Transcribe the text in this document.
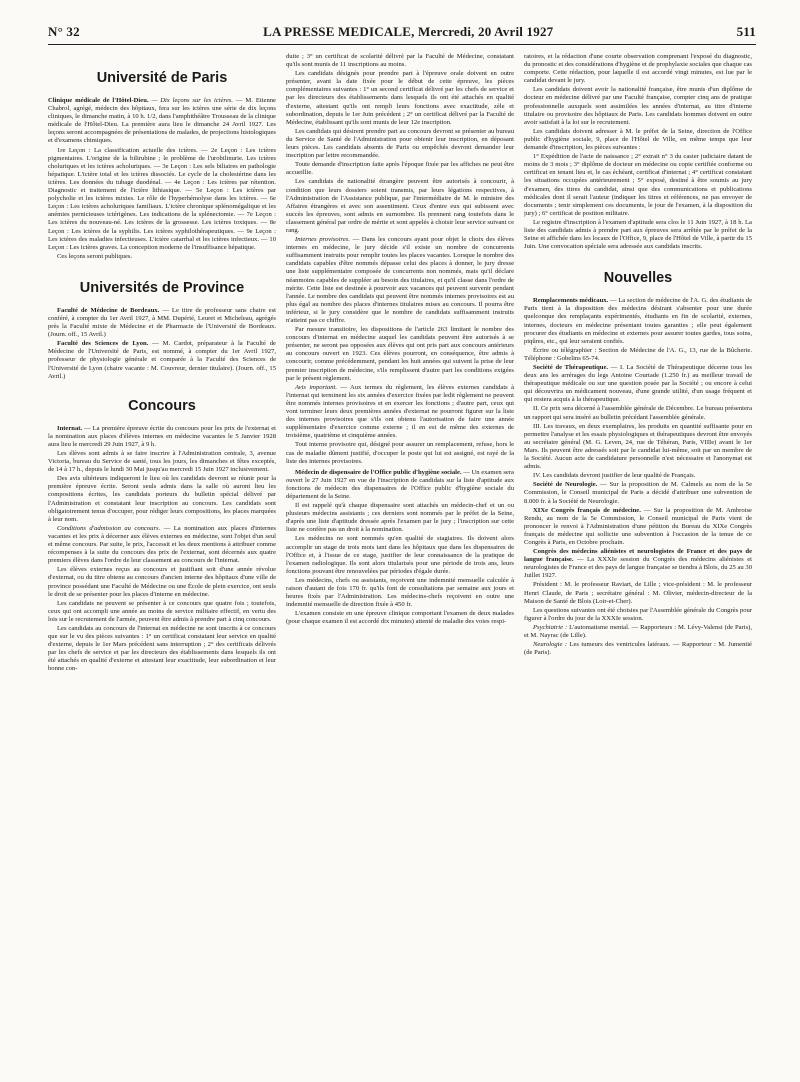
N° 32	LA PRESSE MEDICALE, Mercredi, 20 Avril 1927	511
Université de Paris

Clinique médicale de l'Hôtel-Dieu. — Dix leçons sur les ictères. — M. Etienne Chabrol, agrégé, médecin des hôpitaux, fera sur les ictères une série de dix leçons cliniques, le dimanche matin, à 10 h. 1/2, dans l'amphithéâtre Trousseau de la clinique médicale de l'Hôtel-Dieu. La première aura lieu le dimanche 24 Avril 1927. Les leçons seront accompagnées de présentations de malades, de projections histologiques et d'examens chimiques.

1re Leçon : La classification actuelle des ictères. — 2e Leçon : Les ictères pigmentaires. L'origine de la bilirubine ; le problème de l'urobilinurie. Les ictères choluriques et les ictères acholuriques. — 3e Leçon : Les sels biliaires en pathologie hépatique. L'ictère total et les ictères dissociés. Le cycle de la cholestérine dans les ictères. Les données du tubage duodénal. — 4e Leçon : Les ictères par rétention. Diagnostic et traitement de l'ictère lithiasique. — 5e Leçon : Les ictères par polycholie et les ictères mixtes. Le rôle de l'hyperhémolyse dans les ictères. — 6e Leçon : Les ictères acholuriques familiaux. L'ictère chronique splénomégalique et les anémies pernicieuses ictérigènes. Les indications de la splénectomie. — 7e Leçon : Les ictères du nouveau-né. Les ictères de la grossesse. Les ictères toxiques. — 8e Leçon : Les ictères de la syphilis. Les ictères syphilothérapeutiques. — 9e Leçon : Les ictères des maladies infectieuses. L'ictère catarrhal et les ictères infectieux. — 10 Leçon : Les ictères graves. La conception moderne de l'insuffisance hépatique.

Ces leçons seront publiques.

Universités de Province

Faculté de Médecine de Bordeaux. — Le titre de professeur sans chaire est conféré, à compter du 1er Avril 1927, à MM. Dupérié, Leuret et Micheleau, agrégés près la Faculté mixte de Médecine et de Pharmacie de l'Université de Bordeaux. (Journ. off., 15 Avril.)

Faculté des Sciences de Lyon. — M. Cardot, préparateur à la Faculté de Médecine de l'Université de Paris, est nommé, à compter du 1er Avril 1927, professeur de physiologie générale et comparée à la Faculté des Sciences de l'Université de Lyon (chaire vacante : M. Couvreur, dernier titulaire). (Journ. off., 15 Avril.)

Concours

Internat. — La première épreuve écrite du concours pour les prix de l'externat et la nomination aux places d'élèves internes en médecine vacantes le 5 Janvier 1928 aura lieu le mercredi 29 Juin 1927, à 9 h.

Les élèves sont admis à se faire inscrire à l'Administration centrale, 3, avenue Victoria, bureau du Service de santé, tous les jours, les dimanches et fêtes exceptés, de 14 à 17 h., depuis le lundi 30 Mai jusqu'au mercredi 15 Juin 1927 inclusivement.

Des avis ultérieurs indiqueront le lieu où les candidats devront se réunir pour la première épreuve écrite. Seront seuls admis dans la salle où auront lieu les compositions écrites, les candidats porteurs du bulletin spécial délivré par l'Administration et constatant leur inscription au concours. Les candidats sont obligatoirement tenus d'occuper, pour rédiger leurs compositions, les places marquées à leur nom.

Conditions d'admission au concours. — La nomination aux places d'internes vacantes et les prix à décerner aux élèves externes en médecine, sont l'objet d'un seul et même concours. Par suite, le prix, l'accessit et les deux mentions à attribuer comme récompenses à la suite du concours des prix de l'externat, sont décernés aux quatre premiers élèves dans l'ordre de leur classement au concours de l'internat.

Les élèves externes reçus au concours et justifiant soit d'une année révolue d'externat, ou du titre obtenu au concours d'ancien interne des hôpitaux d'une ville de province possédant une Faculté de Médecine ou une École de plein exercice, ont seuls le droit de se présenter pour les places d'interne en médecine.

Les candidats ne peuvent se présenter à ce concours que quatre fois ; toutefois, ceux qui ont accompli une année au moins de service militaire effectif, en vertu des lois sur le recrutement de l'armée, peuvent être admis à prendre part à cinq concours.

Les candidats au concours de l'internat en médecine ne sont inscrits à ce concours que sur le vu des pièces suivantes : 1° un certificat constatant leur service en qualité d'externe, depuis le 1er Mars précédent sans interruption ; 2° des certificats délivrés par les chefs de service et par les directeurs des établissements dans lesquels ils ont été attachés en qualité d'externe et attestant leur exactitude, leur subordination et leur bonne con-

duite ; 3° un certificat de scolarité délivré par la Faculté de Médecine, constatant qu'ils sont munis de 11 inscriptions au moins.

Les candidats désignés pour prendre part à l'épreuve orale doivent en outre présenter, avant la date fixée pour le début de cette épreuve, les pièces complémentaires suivantes : 1° un second certificat délivré par les chefs de service et par les directeurs des établissements dans lesquels ils ont été attachés en qualité d'externe, attestant qu'ils ont rempli leurs fonctions avec exactitude, zèle et subordination, depuis le 1er Juin précédent ; 2° un certificat délivré par la Faculté de Médecine, établissant qu'ils sont munis de leur 12e inscription.

Les candidats qui désirent prendre part au concours devront se présenter au bureau du Service de Santé de l'Administration pour obtenir leur inscription, en déposant leurs pièces. Les candidats absents de Paris ou empêchés devront demander leur inscription par lettre recommandée.

Toute demande d'inscription faite après l'époque fixée par les affiches ne peut être accueillie.

Les candidats de nationalité étrangère peuvent être autorisés à concourir, à condition que leurs dossiers soient transmis, par leurs légations respectives, à l'Administration de l'Assistance publique, par l'intermédiaire de M. le ministre des Affaires étrangères et avec son assentiment. Ceux d'entre eux qui subissent avec succès les épreuves, sont admis en surnombre. Ils prennent rang toutefois dans le classement général par ordre de mérite et sont appelés à choisir leur service suivant ce rang.

Internes provisoires. — Dans les concours ayant pour objet le choix des élèves internes en médecine, le jury décide s'il existe un nombre de concurrents suffisamment instruits pour remplir toutes les places vacantes. Lorsque le nombre des candidats capables d'être nommés dépasse celui des places à donner, le jury dresse une liste supplémentaire composée de concurrents non nommés, mais qu'il déclare néanmoins capables de suppléer au besoin des titulaires, et qu'il classe dans l'ordre de mérite. Cette liste est destinée à pourvoir aux vacances qui peuvent survenir pendant l'année. Le nombre des candidats qui peuvent être nommés internes provisoires est au plus égal au nombre des places d'internes titulaires mises au concours. Il pourra être inférieur, si le jury considère que le nombre de candidats suffisamment instruits n'atteint pas ce chiffre.

Par mesure transitoire, les dispositions de l'article 263 limitant le nombre des concours d'internat en médecine auquel les candidats peuvent être autorisés à se présenter, ne seront pas opposées aux élèves qui ont pris part aux concours antérieurs au concours ouvert en 1923. Ces élèves pourront, en conséquence, être admis à concourir, comme précédemment, pendant les huit années qui suivent la prise de leur premier inscription de médecine, s'ils remplissent d'autre part les conditions exigées par le présent règlement.

Avis important. — Aux termes du règlement, les élèves externes candidats à l'internat qui terminent les six années d'exercice fixées par ledit règlement ne peuvent être nommés internes provisoires et en exercer les fonctions ; d'autre part, ceux qui vont terminer leurs deux premières années d'externat ne pourront figurer sur la liste des internes provisoires que s'ils ont obtenu l'autorisation de faire une année supplémentaire d'exercice comme externe ; il en est de même des externes de troisième, quatrième et cinquième années.

Tout interne provisoire qui, désigné pour assurer un remplacement, refuse, hors le cas de maladie dûment justifié, d'occuper le poste qui lui est assigné, est rayé de la liste des internes provisoires.

Médecin de dispensaire de l'Office public d'hygiène sociale. — Un examen sera ouvert le 27 Juin 1927 en vue de l'inscription de candidats sur la liste d'aptitude aux fonctions de médecin des dispensaires de l'Office public d'hygiène sociale du département de la Seine.

Il est rappelé qu'à chaque dispensaire sont attachés un médecin-chef et un ou plusieurs médecins assistants ; ces derniers sont nommés par le préfet de la Seine, d'après une liste d'aptitude dressée après l'examen par le jury ; l'inscription sur cette liste ne confère pas un droit à la nomination.

Les médecins ne sont nommés qu'en qualité de stagiaires. Ils doivent alors accomplir un stage de trois mois tant dans les hôpitaux que dans les dispensaires de l'Office et, à l'issue de ce stage, justifier de leur connaissance de la pratique de l'examen radiologique. Ils sont alors titularisés pour une période de trois ans, leurs fonctions pouvant être renouvelées par périodes d'égale durée.

Les médecins, chefs ou assistants, reçoivent une indemnité mensuelle calculée à raison d'autant de fois 170 fr. qu'ils font de consultations par semaine aux jours et heures fixés par l'Administration. Les médecins-chefs reçoivent en outre une indemnité mensuelle de direction fixée à 450 fr.

L'examen consiste en une épreuve clinique comportant l'examen de deux malades (pour chaque examen il est accordé dix minutes) attenté de maladie des voies respi-

ratoires, et la rédaction d'une courte observation comprenant l'exposé du diagnostic, du pronostic et des considérations d'hygiène et de prophylaxie sociales que chaque cas comporte. Cette rédaction, pour laquelle il est accordé vingt minutes, est lue par le candidat devant le jury.

Les candidats doivent avoir la nationalité française, être munis d'un diplôme de docteur en médecine délivré par une Faculté française, compter cinq ans de pratique professionnelle auxquels sont assimilées les années d'internat, au titre d'interne titulaire ou provisoire des hôpitaux de Paris. Les candidats hommes doivent en outre avoir satisfait à la loi sur le recrutement.

Les candidats doivent adresser à M. le préfet de la Seine, direction de l'Office public d'hygiène sociale, 9, place de l'Hôtel de Ville, en même temps que leur demande d'inscription, les pièces suivantes :

1° Expédition de l'acte de naissance ; 2° extrait n° 3 du casier judiciaire datant de moins de 3 mois ; 3° diplôme de docteur en médecine ou copie certifiée conforme ou certificat en tenant lieu et, le cas échéant, certificat d'internat ; 4° certificat constatant les situations occupées antérieurement ; 5° exposé, destiné à être soumis au jury d'examen, des titres du candidat, ainsi que des communications et publications médicales dont il serait l'auteur (indiquer les titres et références, ne pas envoyer de documents ; tenir simplement ces documents, le jour de l'examen, à la disposition du jury) ; 6° certificat de position militaire.

Le registre d'inscription à l'examen d'aptitude sera clos le 11 Juin 1927, à 18 h. La liste des candidats admis à prendre part aux épreuves sera arrêtée par le préfet de la Seine et affichée dans les locaux de l'Office, 9, place de l'Hôtel de Ville, à partir du 15 Juin. Une convocation spéciale sera adressée aux candidats inscrits.

Nouvelles

Remplacements médicaux. — La section de médecine de l'A. G. des étudiants de Paris tient à la disposition des médecins désirant s'absenter pour une durée quelconque des remplaçants expérimentés, étudiants en fin de scolarité, externes, internes, docteurs en médecine présentant toutes garanties ; elle peut également procurer des étudiants en médecine et externes pour assurer toutes gardes, tous soins, piqûres, etc., qui leur seraient confiés.

Écrire ou télégraphier : Section de Médecine de l'A. G., 13, rue de la Bûcherie. Téléphone : Gobelins 65-74.

Société de Thérapeutique. — I. La Société de Thérapeutique décerne tous les deux ans les arrérages du legs Antoine Courtade (1.250 fr.) au meilleur travail de thérapeutique médicale ou sur une question posée par la Société ; ou encore à celui qui découvrira un médicament nouveau, d'une grande utilité, d'un usage fréquent et qui restera acquis à la thérapeutique.

II. Ce prix sera décerné à l'assemblée générale de Décembre. Le bureau présentera un rapport qui sera inséré au bulletin précédant l'assemblée générale.

III. Les travaux, en deux exemplaires, les produits en quantité suffisante pour en permettre l'analyse et les essais physiologiques et thérapeutiques devront être envoyés au secrétaire général (M. G. Leven, 24, rue de Téhéran, Paris, VIIIe) avant le 1er Mars. Ils peuvent être adressés soit par le candidat lui-même, soit par un membre de la Société. Aucun acte de candidature personnelle n'est nécessaire et l'anonymat est admis.

IV. Les candidats devront justifier de leur qualité de Français.

Société de Neurologie. — Sur la proposition de M. Calmels au nom de la 5e Commission, le Conseil municipal de Paris a décidé d'attribuer une subvention de 8.000 fr. à la Société de Neurologie.

XIXe Congrès français de médecine. — Sur la proposition de M. Ambroise Rendu, au nom de la 5e Commission, le Conseil municipal de Paris vient de prononcer le renvoi à l'Administration d'une pétition du Bureau du XIXe Congrès français de médecine qui sollicite une subvention à l'occasion de la tenue de ce Congrès à Paris, en Octobre prochain.

Congrès des médecins aliénistes et neurologistes de France et des pays de langue française. — La XXXIe session du Congrès des médecins aliénistes et neurologistes de France et des pays de langue française se tiendra à Blois, du 25 au 30 Juillet 1927.

Président : M. le professeur Raviart, de Lille ; vice-président : M. le professeur Henri Claude, de Paris ; secrétaire général : M. Olivier, médecin-directeur de la Maison de Santé de Blois (Loir-et-Cher).

Les questions suivantes ont été choisies par l'Assemblée générale du Congrès pour figurer à l'ordre du jour de la XXXIe session.

Psychiatrie : L'automatisme mental. — Rapporteurs : M. Lévy-Valensi (de Paris), et M. Nayrac (de Lille).

Neurologie : Les tumeurs des ventricules latéraux. — Rapporteur : M. Jumentié (de Paris).
